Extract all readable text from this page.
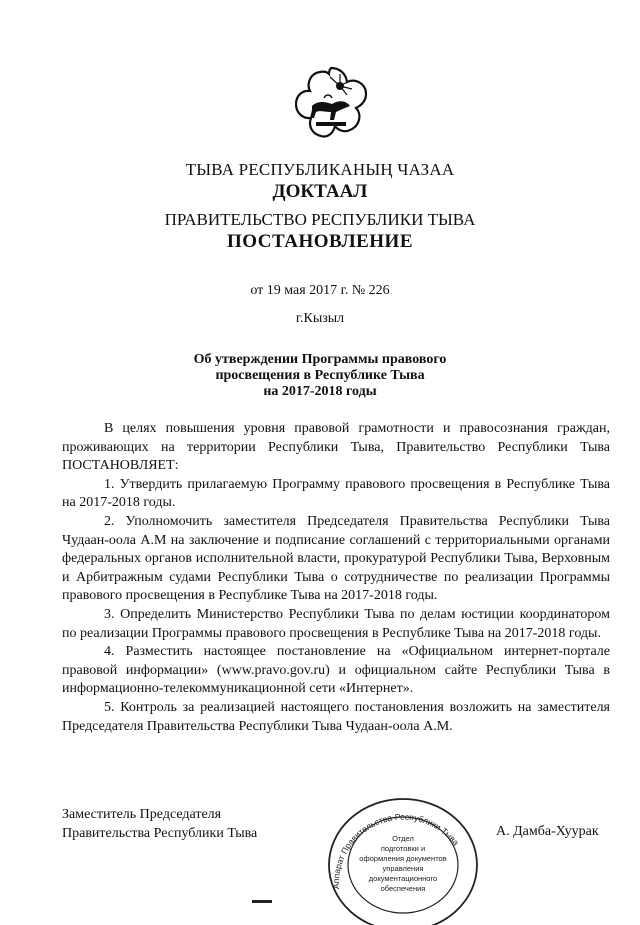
ТЫВА РЕСПУБЛИКАНЫҢ ЧАЗАА
ДОКТААЛ
ПРАВИТЕЛЬСТВО РЕСПУБЛИКИ ТЫВА
ПОСТАНОВЛЕНИЕ
от 19 мая 2017 г. № 226
г.Кызыл
Об утверждении Программы правового
просвещения в Республике Тыва
на 2017-2018 годы

В целях повышения уровня правовой грамотности и правосознания граждан, проживающих на территории Республики Тыва, Правительство Республики Тыва ПОСТАНОВЛЯЕТ:

1. Утвердить прилагаемую Программу правового просвещения в Республике Тыва на 2017-2018 годы.

2. Уполномочить заместителя Председателя Правительства Республики Тыва Чудаан-оола А.М на заключение и подписание соглашений с территориальными органами федеральных органов исполнительной власти, прокуратурой Республики Тыва, Верховным и Арбитражным судами Республики Тыва о сотрудничестве по реализации Программы правового просвещения в Республике Тыва на 2017-2018 годы.

3. Определить Министерство Республики Тыва по делам юстиции координатором по реализации Программы правового просвещения в Республике Тыва на 2017-2018 годы.

4. Разместить настоящее постановление на «Официальном интернет-портале правовой информации» (www.pravo.gov.ru) и официальном сайте Республики Тыва в информационно-телекоммуникационной сети «Интернет».

5. Контроль за реализацией настоящего постановления возложить на заместителя Председателя Правительства Республики Тыва Чудаан-оола А.М.

Заместитель Председателя
Правительства Республики Тыва	А. Дамба-Хуурак
Аппарат Правительства Республики Тыва
Отдел
подготовки и
оформления документов
управления
документационного
обеспечения
